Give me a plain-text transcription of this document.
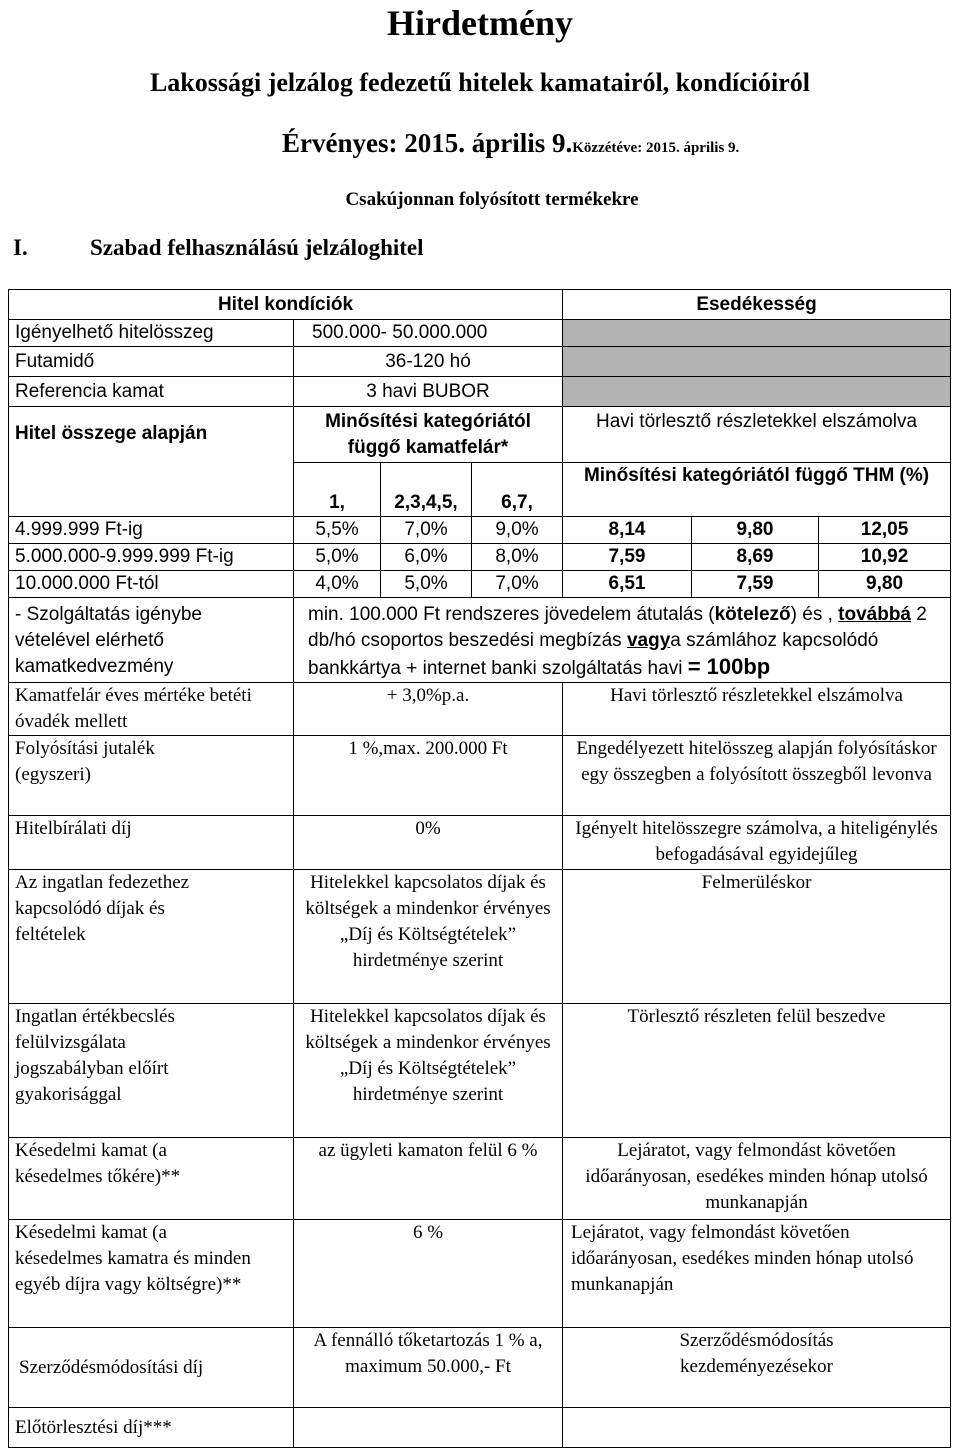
Hirdetmény
Lakossági jelzálog fedezetű hitelek kamatairól, kondícióiról
Érvényes: 2015. április 9.Közzétéve: 2015. április 9.
Csakújonnan folyósított termékekre
I.	Szabad felhasználású jelzáloghitel
Hitel kondíciók				Esedékesség		
Igényelhető hitelösszeg	500.000- 50.000.000					
Futamidő	36-120 hó					
Referencia kamat	3 havi BUBOR					
Hitel összege alapján	Minősítési kategóriától függő kamatfelár*			Havi törlesztő részletekkel elszámolva		
	1,	2,3,4,5,	6,7,	Minősítési kategóriától függő THM (%)		
4.999.999 Ft-ig	5,5%	7,0%	9,0%	8,14	9,80	12,05
5.000.000-9.999.999 Ft-ig	5,0%	6,0%	8,0%	7,59	8,69	10,92
10.000.000 Ft-tól	4,0%	5,0%	7,0%	6,51	7,59	9,80
- Szolgáltatás igénybe vételével elérhető kamatkedvezmény	min. 100.000 Ft rendszeres jövedelem átutalás (kötelező) és , továbbá 2 db/hó csoportos beszedési megbízás vagya számlához kapcsolódó bankkártya + internet banki szolgáltatás havi = 100bp					
Kamatfelár éves mértéke betéti óvadék mellett	+ 3,0%p.a.			Havi törlesztő részletekkel elszámolva		
Folyósítási jutalék (egyszeri)	1 %,max. 200.000 Ft			Engedélyezett hitelösszeg alapján folyósításkor egy összegben a folyósított összegből levonva		
Hitelbírálati díj	0%			Igényelt hitelösszegre számolva, a hiteligénylés befogadásával egyidejűleg		
Az ingatlan fedezethez kapcsolódó díjak és feltételek	Hitelekkel kapcsolatos díjak és költségek a mindenkor érvényes „Díj és Költségtételek” hirdetménye szerint			Felmerüléskor		
Ingatlan értékbecslés felülvizsgálata jogszabályban előírt gyakorisággal	Hitelekkel kapcsolatos díjak és költségek a mindenkor érvényes „Díj és Költségtételek” hirdetménye szerint			Törlesztő részleten felül beszedve		
Késedelmi kamat (a késedelmes tőkére)**	az ügyleti kamaton felül 6 %			Lejáratot, vagy felmondást követően időarányosan, esedékes minden hónap utolsó munkanapján		
Késedelmi kamat (a késedelmes kamatra és minden egyéb díjra vagy költségre)**	6 %			Lejáratot, vagy felmondást követően időarányosan, esedékes minden hónap utolsó munkanapján		
Szerződésmódosítási díj	A fennálló tőketartozás 1 % a, maximum 50.000,- Ft			Szerződésmódosítás kezdeményezésekor		
Előtörlesztési díj***						
